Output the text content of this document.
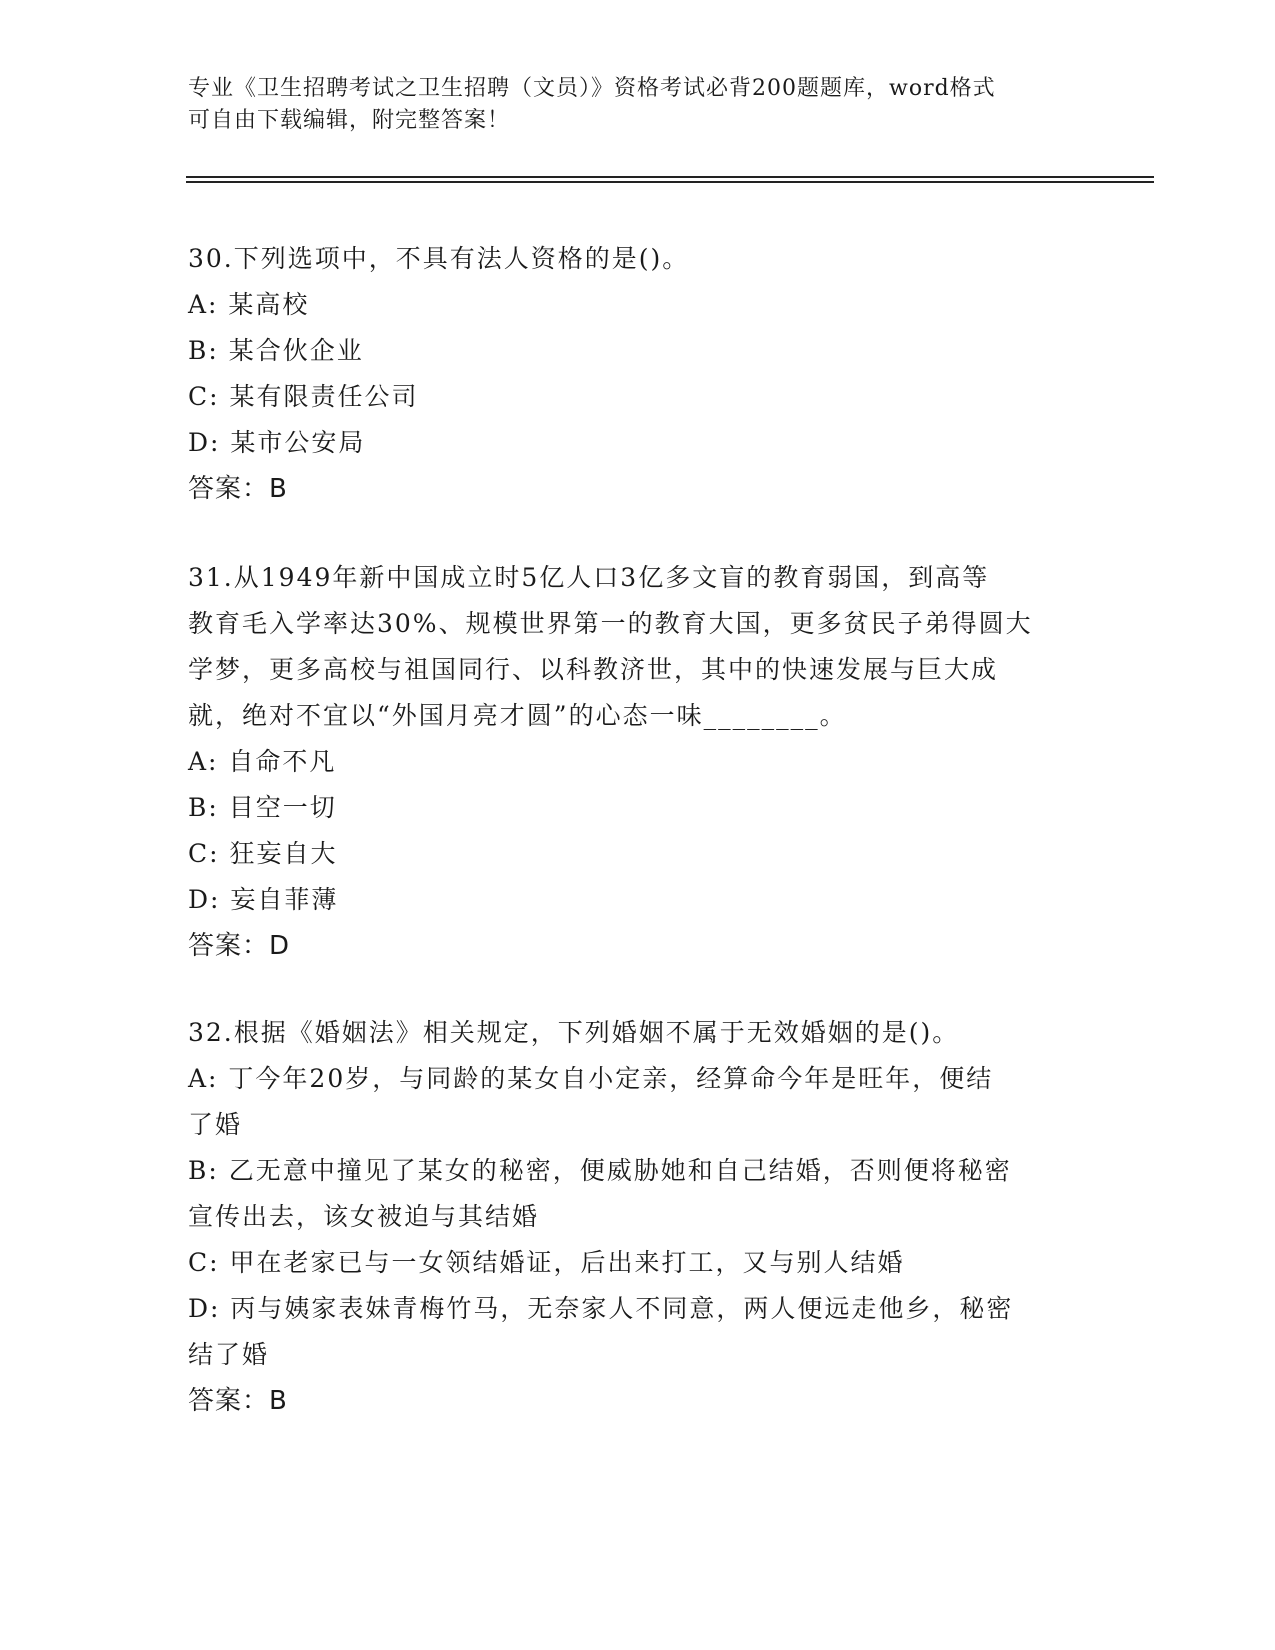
专业《卫生招聘考试之卫生招聘（文员）》资格考试必背200题题库，word格式
可自由下载编辑，附完整答案！

30.下列选项中，不具有法人资格的是()。

A: 某高校

B: 某合伙企业

C: 某有限责任公司

D: 某市公安局

答案：B

31.从1949年新中国成立时5亿人口3亿多文盲的教育弱国，到高等
教育毛入学率达30%、规模世界第一的教育大国，更多贫民子弟得圆大
学梦，更多高校与祖国同行、以科教济世，其中的快速发展与巨大成
就，绝对不宜以“外国月亮才圆”的心态一味________。

A: 自命不凡

B: 目空一切

C: 狂妄自大

D: 妄自菲薄

答案：D

32.根据《婚姻法》相关规定，下列婚姻不属于无效婚姻的是()。

A: 丁今年20岁，与同龄的某女自小定亲，经算命今年是旺年，便结
了婚

B: 乙无意中撞见了某女的秘密，便威胁她和自己结婚，否则便将秘密
宣传出去，该女被迫与其结婚

C: 甲在老家已与一女领结婚证，后出来打工，又与别人结婚

D: 丙与姨家表妹青梅竹马，无奈家人不同意，两人便远走他乡，秘密
结了婚

答案：B
